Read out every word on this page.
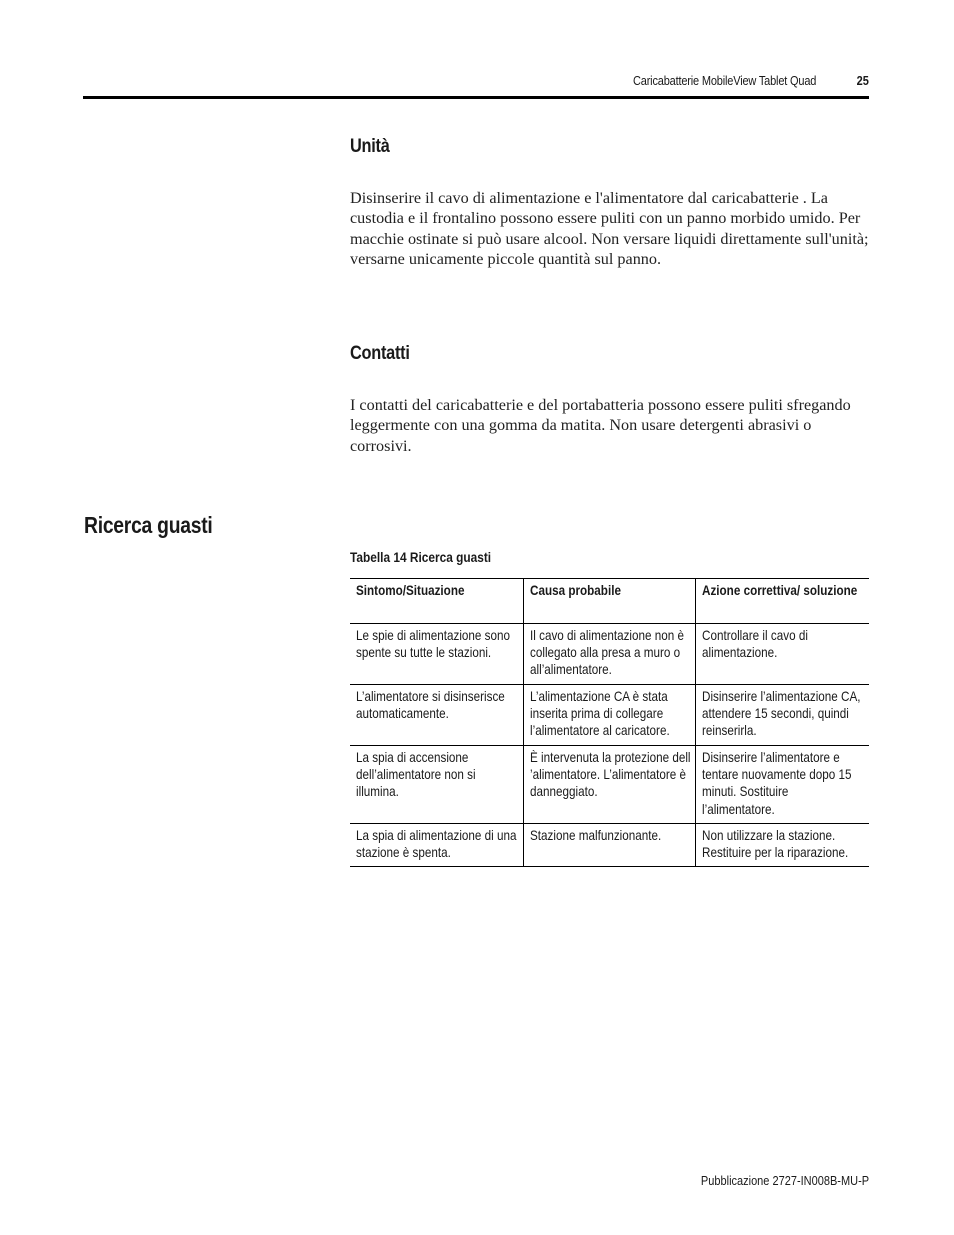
Caricabatterie MobileView Tablet Quad	25
Unità

Disinserire il cavo di alimentazione e l'alimentatore dal caricabatterie . La custodia e il frontalino possono essere puliti con un panno morbido umido. Per macchie ostinate si può usare alcool. Non versare liquidi direttamente sull'unità; versarne unicamente piccole quantità sul panno.

Contatti

I contatti del caricabatterie e del portabatteria possono essere puliti sfregando leggermente con una gomma da matita. Non usare detergenti abrasivi o corrosivi.

Ricerca guasti
Tabella 14 Ricerca guasti
Sintomo/Situazione	Causa probabile	Azione correttiva/ soluzione

Le spie di alimentazione sono spente su tutte le stazioni.	Il cavo di alimentazione non è collegato alla presa a muro o all’alimentatore.	Controllare il cavo di alimentazione.

L’alimentatore si disinserisce automaticamente.	L’alimentazione CA è stata inserita prima di collegare l’alimentatore al caricatore.	Disinserire l’alimentazione CA, attendere 15 secondi, quindi reinserirla.

La spia di accensione dell’alimentatore non si illumina.	È intervenuta la protezione dell ’alimentatore. L’alimentatore è danneggiato.	Disinserire l’alimentatore e tentare nuovamente dopo 15 minuti. Sostituire l’alimentatore.

La spia di alimentazione di una stazione è spenta.	Stazione malfunzionante.	Non utilizzare la stazione. Restituire per la riparazione.
Pubblicazione 2727-IN008B-MU-P
